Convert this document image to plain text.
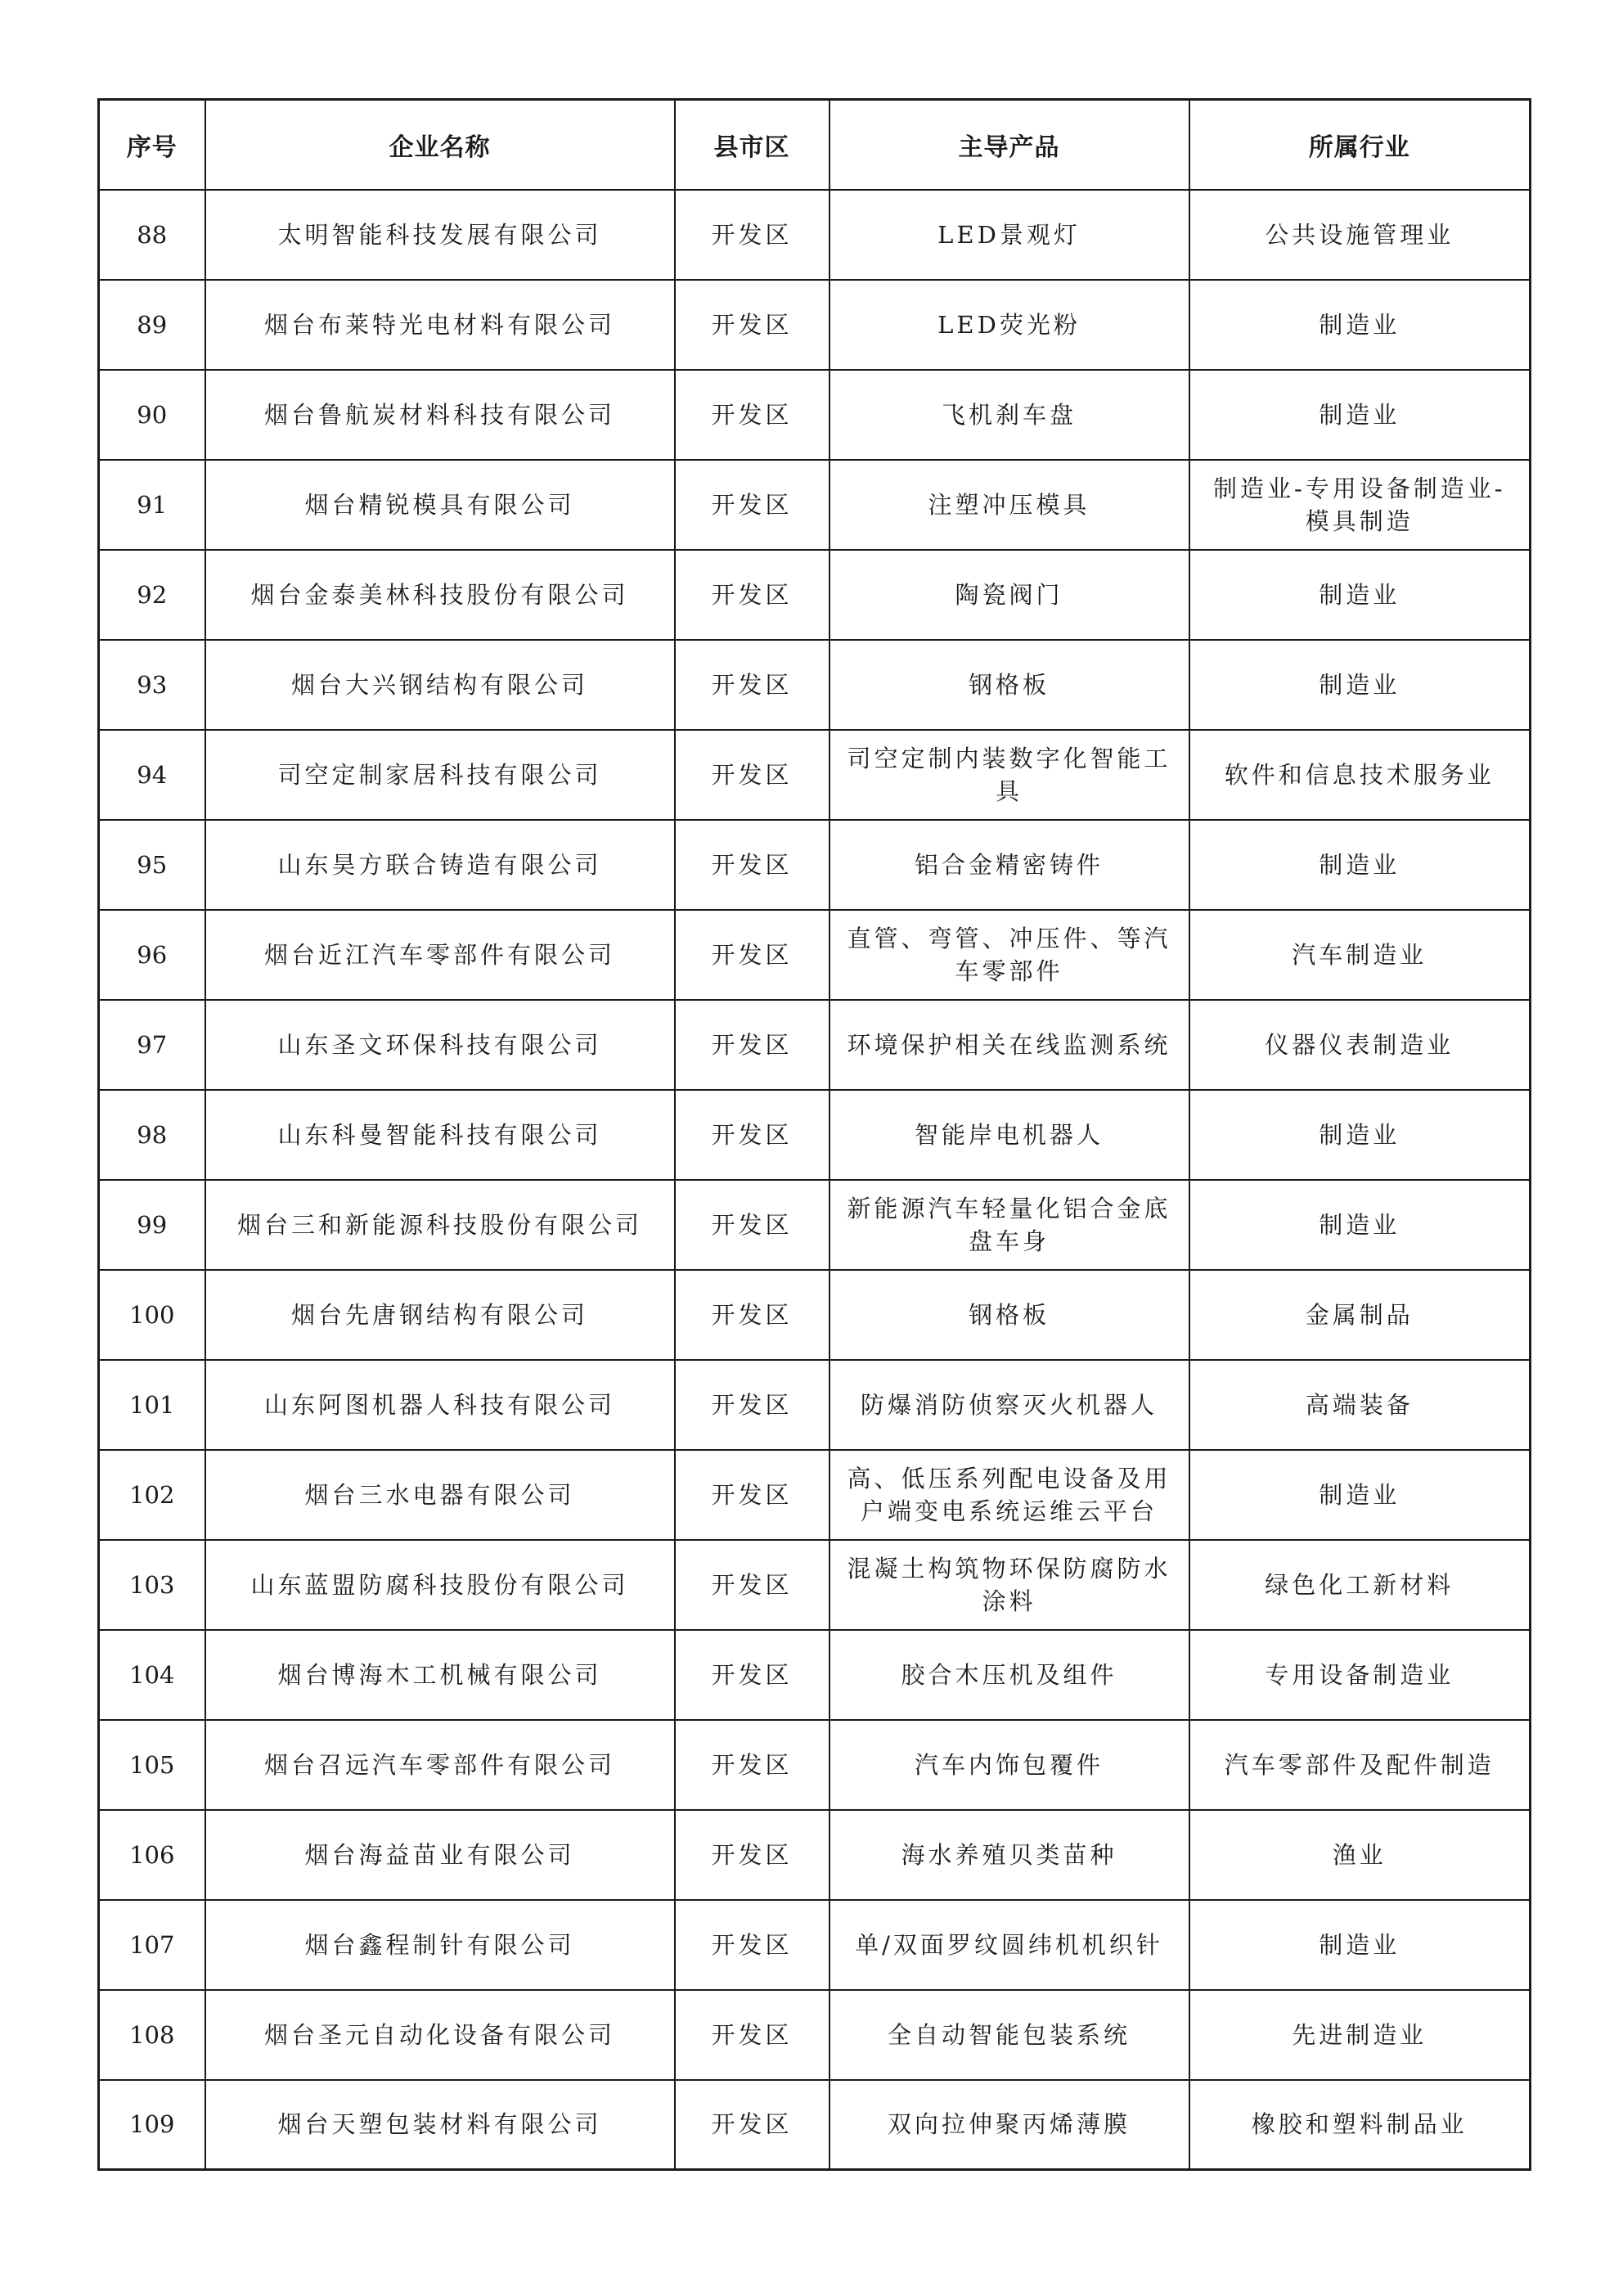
序号	企业名称	县市区	主导产品	所属行业
88	太明智能科技发展有限公司	开发区	LED景观灯	公共设施管理业
89	烟台布莱特光电材料有限公司	开发区	LED荧光粉	制造业
90	烟台鲁航炭材料科技有限公司	开发区	飞机刹车盘	制造业
91	烟台精锐模具有限公司	开发区	注塑冲压模具	制造业-专用设备制造业-模具制造
92	烟台金泰美林科技股份有限公司	开发区	陶瓷阀门	制造业
93	烟台大兴钢结构有限公司	开发区	钢格板	制造业
94	司空定制家居科技有限公司	开发区	司空定制内装数字化智能工具	软件和信息技术服务业
95	山东昊方联合铸造有限公司	开发区	铝合金精密铸件	制造业
96	烟台近江汽车零部件有限公司	开发区	直管、弯管、冲压件、等汽车零部件	汽车制造业
97	山东圣文环保科技有限公司	开发区	环境保护相关在线监测系统	仪器仪表制造业
98	山东科曼智能科技有限公司	开发区	智能岸电机器人	制造业
99	烟台三和新能源科技股份有限公司	开发区	新能源汽车轻量化铝合金底盘车身	制造业
100	烟台先唐钢结构有限公司	开发区	钢格板	金属制品
101	山东阿图机器人科技有限公司	开发区	防爆消防侦察灭火机器人	高端装备
102	烟台三水电器有限公司	开发区	高、低压系列配电设备及用户端变电系统运维云平台	制造业
103	山东蓝盟防腐科技股份有限公司	开发区	混凝土构筑物环保防腐防水涂料	绿色化工新材料
104	烟台博海木工机械有限公司	开发区	胶合木压机及组件	专用设备制造业
105	烟台召远汽车零部件有限公司	开发区	汽车内饰包覆件	汽车零部件及配件制造
106	烟台海益苗业有限公司	开发区	海水养殖贝类苗种	渔业
107	烟台鑫程制针有限公司	开发区	单/双面罗纹圆纬机机织针	制造业
108	烟台圣元自动化设备有限公司	开发区	全自动智能包装系统	先进制造业
109	烟台天塑包装材料有限公司	开发区	双向拉伸聚丙烯薄膜	橡胶和塑料制品业
